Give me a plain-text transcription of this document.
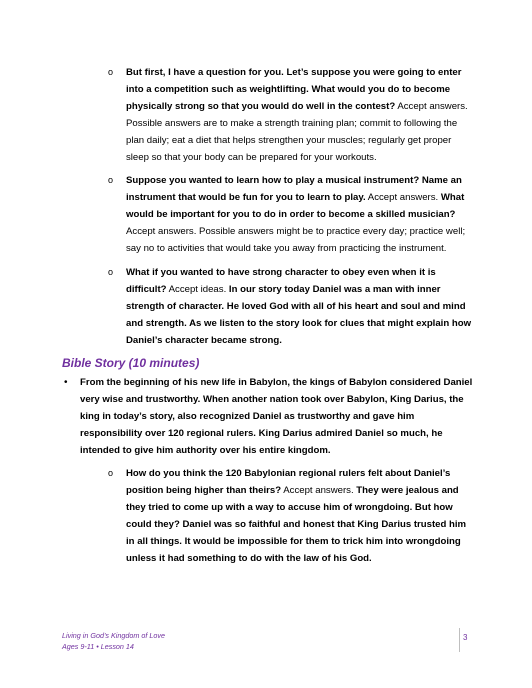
o But first, I have a question for you. Let’s suppose you were going to enter into a competition such as weightlifting. What would you do to become physically strong so that you would do well in the contest? Accept answers. Possible answers are to make a strength training plan; commit to following the plan daily; eat a diet that helps strengthen your muscles; regularly get proper sleep so that your body can be prepared for your workouts.
o Suppose you wanted to learn how to play a musical instrument? Name an instrument that would be fun for you to learn to play. Accept answers. What would be important for you to do in order to become a skilled musician? Accept answers. Possible answers might be to practice every day; practice well; say no to activities that would take you away from practicing the instrument.
o What if you wanted to have strong character to obey even when it is difficult? Accept ideas. In our story today Daniel was a man with inner strength of character. He loved God with all of his heart and soul and mind and strength. As we listen to the story look for clues that might explain how Daniel’s character became strong.
Bible Story (10 minutes)
• From the beginning of his new life in Babylon, the kings of Babylon considered Daniel very wise and trustworthy. When another nation took over Babylon, King Darius, the king in today’s story, also recognized Daniel as trustworthy and gave him responsibility over 120 regional rulers. King Darius admired Daniel so much, he intended to give him authority over his entire kingdom.
o How do you think the 120 Babylonian regional rulers felt about Daniel’s position being higher than theirs? Accept answers. They were jealous and they tried to come up with a way to accuse him of wrongdoing. But how could they? Daniel was so faithful and honest that King Darius trusted him in all things. It would be impossible for them to trick him into wrongdoing unless it had something to do with the law of his God.
Living in God’s Kingdom of Love
Ages 9-11 • Lesson 14
3
